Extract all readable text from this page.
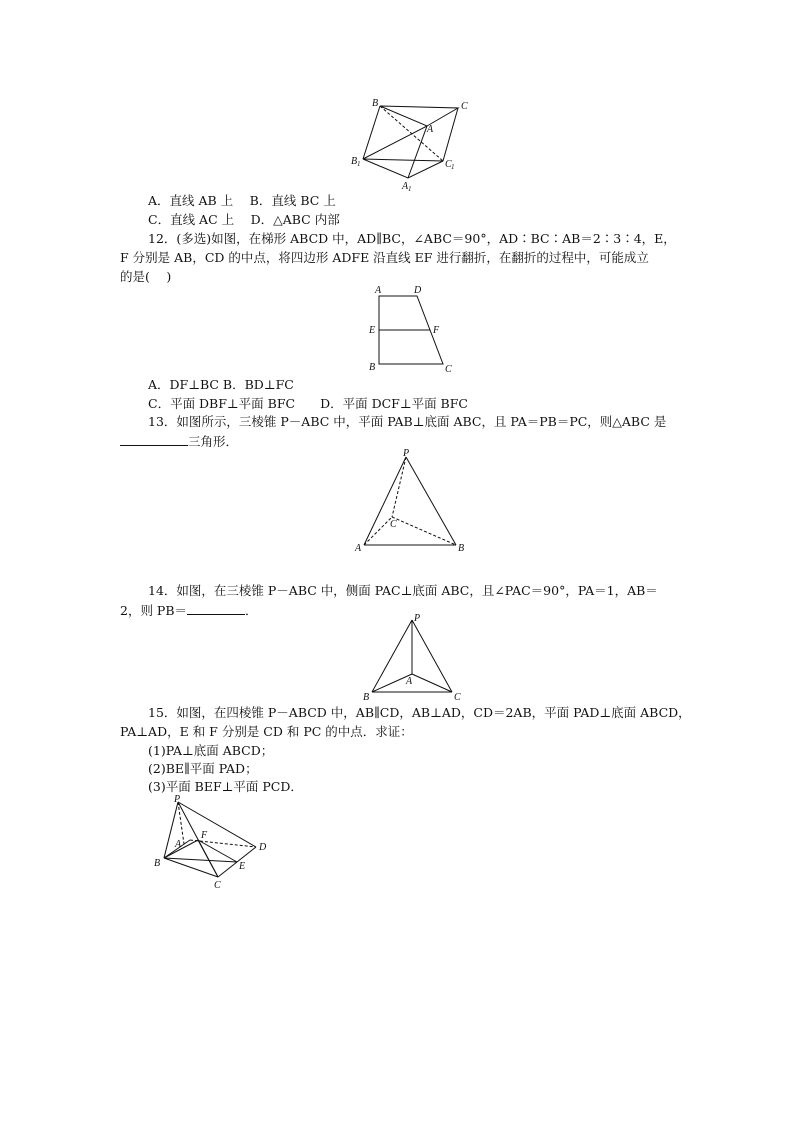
B	C
A
B 1	C 1
A 1
A．直线 AB 上　 B．直线 BC 上
C．直线 AC 上　 D．△ABC 内部
12．(多选)如图，在梯形 ABCD 中，AD∥BC，∠ABC＝90°，AD∶BC∶AB＝2∶3∶4，E，
F 分别是 AB，CD 的中点，将四边形 ADFE 沿直线 EF 进行翻折，在翻折的过程中，可能成立
的是(　 )
A	D
E	F
B	C
A．DF⊥BC B．BD⊥FC
C．平面 DBF⊥平面 BFC　　D．平面 DCF⊥平面 BFC
13．如图所示，三棱锥 P－ABC 中，平面 PAB⊥底面 ABC，且 PA＝PB＝PC，则△ABC 是
三角形．
P
C
A	B
14．如图，在三棱锥 P－ABC 中，侧面 PAC⊥底面 ABC，且∠PAC＝90°，PA＝1，AB＝
2，则 PB＝	．
P
A
B	C
15．如图，在四棱锥 P－ABCD 中，AB∥CD，AB⊥AD，CD＝2AB，平面 PAD⊥底面 ABCD，
PA⊥AD，E 和 F 分别是 CD 和 PC 的中点．求证：
(1)PA⊥底面 ABCD；
(2)BE∥平面 PAD；
(3)平面 BEF⊥平面 PCD．
P
A
F
D
B	E
C
